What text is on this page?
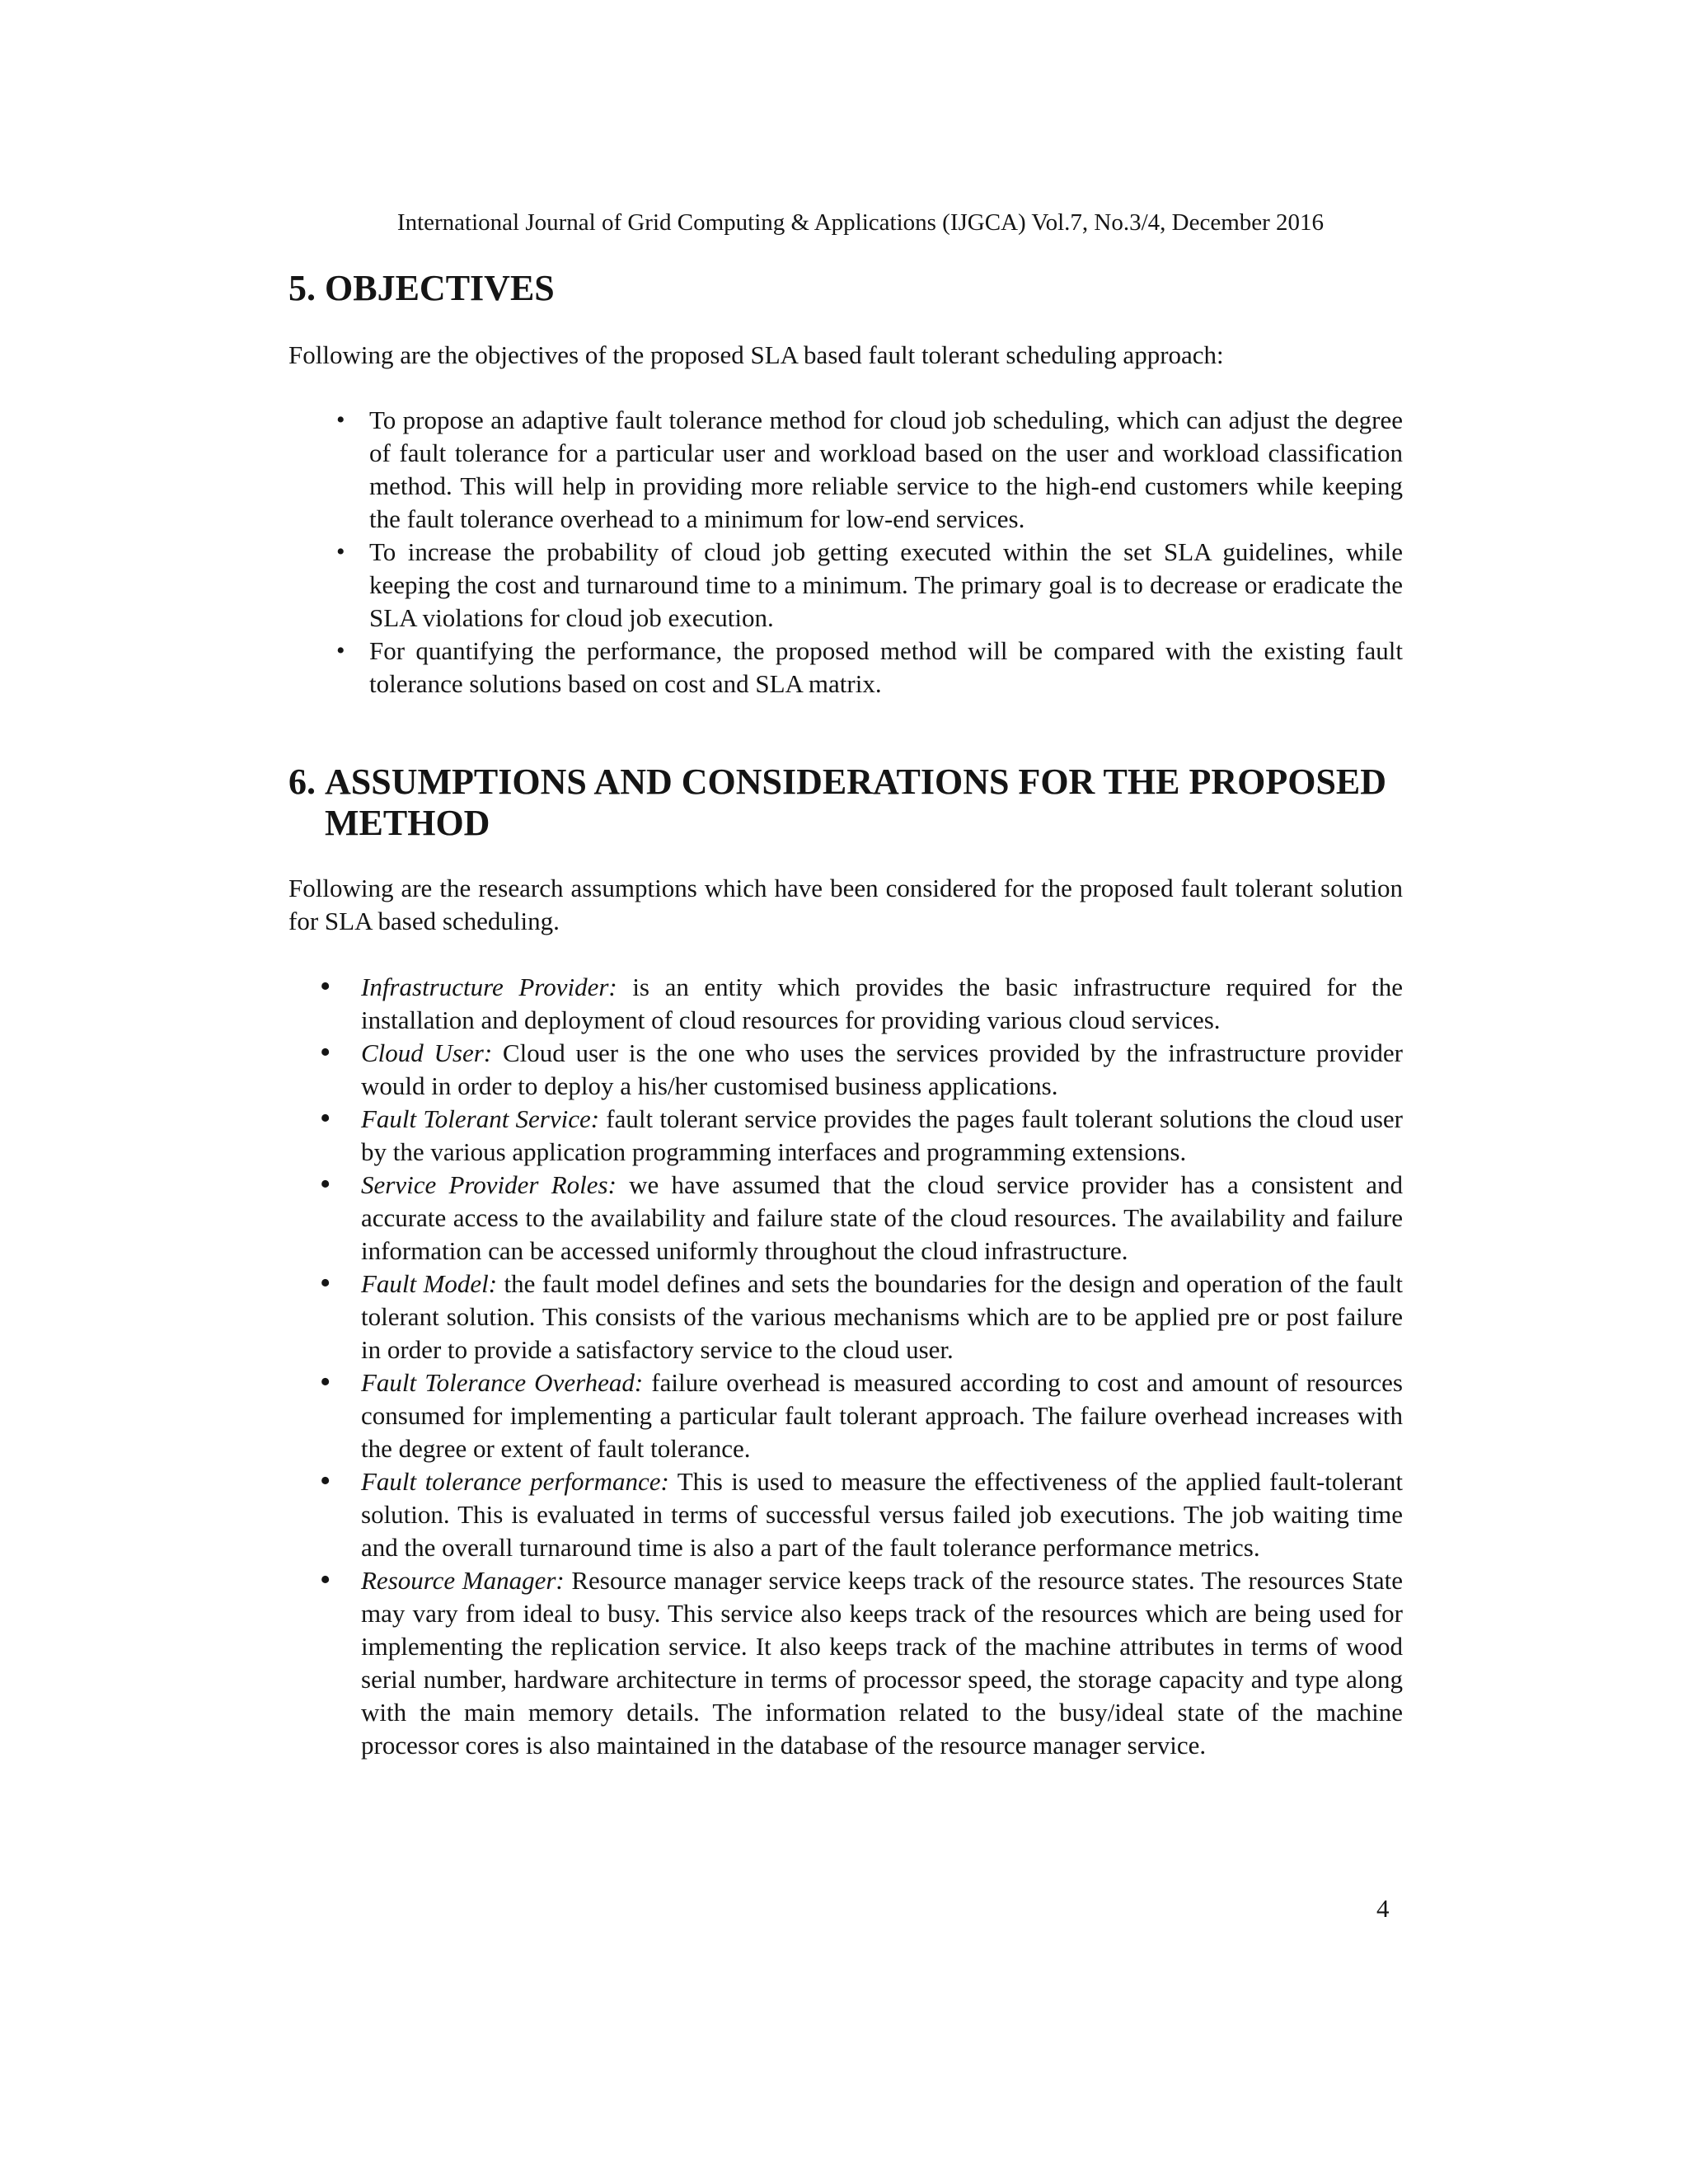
International Journal of Grid Computing & Applications (IJGCA) Vol.7, No.3/4, December 2016
5. OBJECTIVES

Following are the objectives of the proposed SLA based fault tolerant scheduling approach:

• To propose an adaptive fault tolerance method for cloud job scheduling, which can adjust the degree of fault tolerance for a particular user and workload based on the user and workload classification method. This will help in providing more reliable service to the high-end customers while keeping the fault tolerance overhead to a minimum for low-end services.

• To increase the probability of cloud job getting executed within the set SLA guidelines, while keeping the cost and turnaround time to a minimum. The primary goal is to decrease or eradicate the SLA violations for cloud job execution.

• For quantifying the performance, the proposed method will be compared with the existing fault tolerance solutions based on cost and SLA matrix.

6. ASSUMPTIONS AND CONSIDERATIONS FOR THE PROPOSED
METHOD

Following are the research assumptions which have been considered for the proposed fault tolerant solution for SLA based scheduling.

• Infrastructure Provider: is an entity which provides the basic infrastructure required for the installation and deployment of cloud resources for providing various cloud services.

• Cloud User: Cloud user is the one who uses the services provided by the infrastructure provider would in order to deploy a his/her customised business applications.

• Fault Tolerant Service: fault tolerant service provides the pages fault tolerant solutions the cloud user by the various application programming interfaces and programming extensions.

• Service Provider Roles: we have assumed that the cloud service provider has a consistent and accurate access to the availability and failure state of the cloud resources. The availability and failure information can be accessed uniformly throughout the cloud infrastructure.

• Fault Model: the fault model defines and sets the boundaries for the design and operation of the fault tolerant solution. This consists of the various mechanisms which are to be applied pre or post failure in order to provide a satisfactory service to the cloud user.

• Fault Tolerance Overhead: failure overhead is measured according to cost and amount of resources consumed for implementing a particular fault tolerant approach. The failure overhead increases with the degree or extent of fault tolerance.

• Fault tolerance performance: This is used to measure the effectiveness of the applied fault-tolerant solution. This is evaluated in terms of successful versus failed job executions. The job waiting time and the overall turnaround time is also a part of the fault tolerance performance metrics.

• Resource Manager: Resource manager service keeps track of the resource states. The resources State may vary from ideal to busy. This service also keeps track of the resources which are being used for implementing the replication service. It also keeps track of the machine attributes in terms of wood serial number, hardware architecture in terms of processor speed, the storage capacity and type along with the main memory details. The information related to the busy/ideal state of the machine processor cores is also maintained in the database of the resource manager service.

4
